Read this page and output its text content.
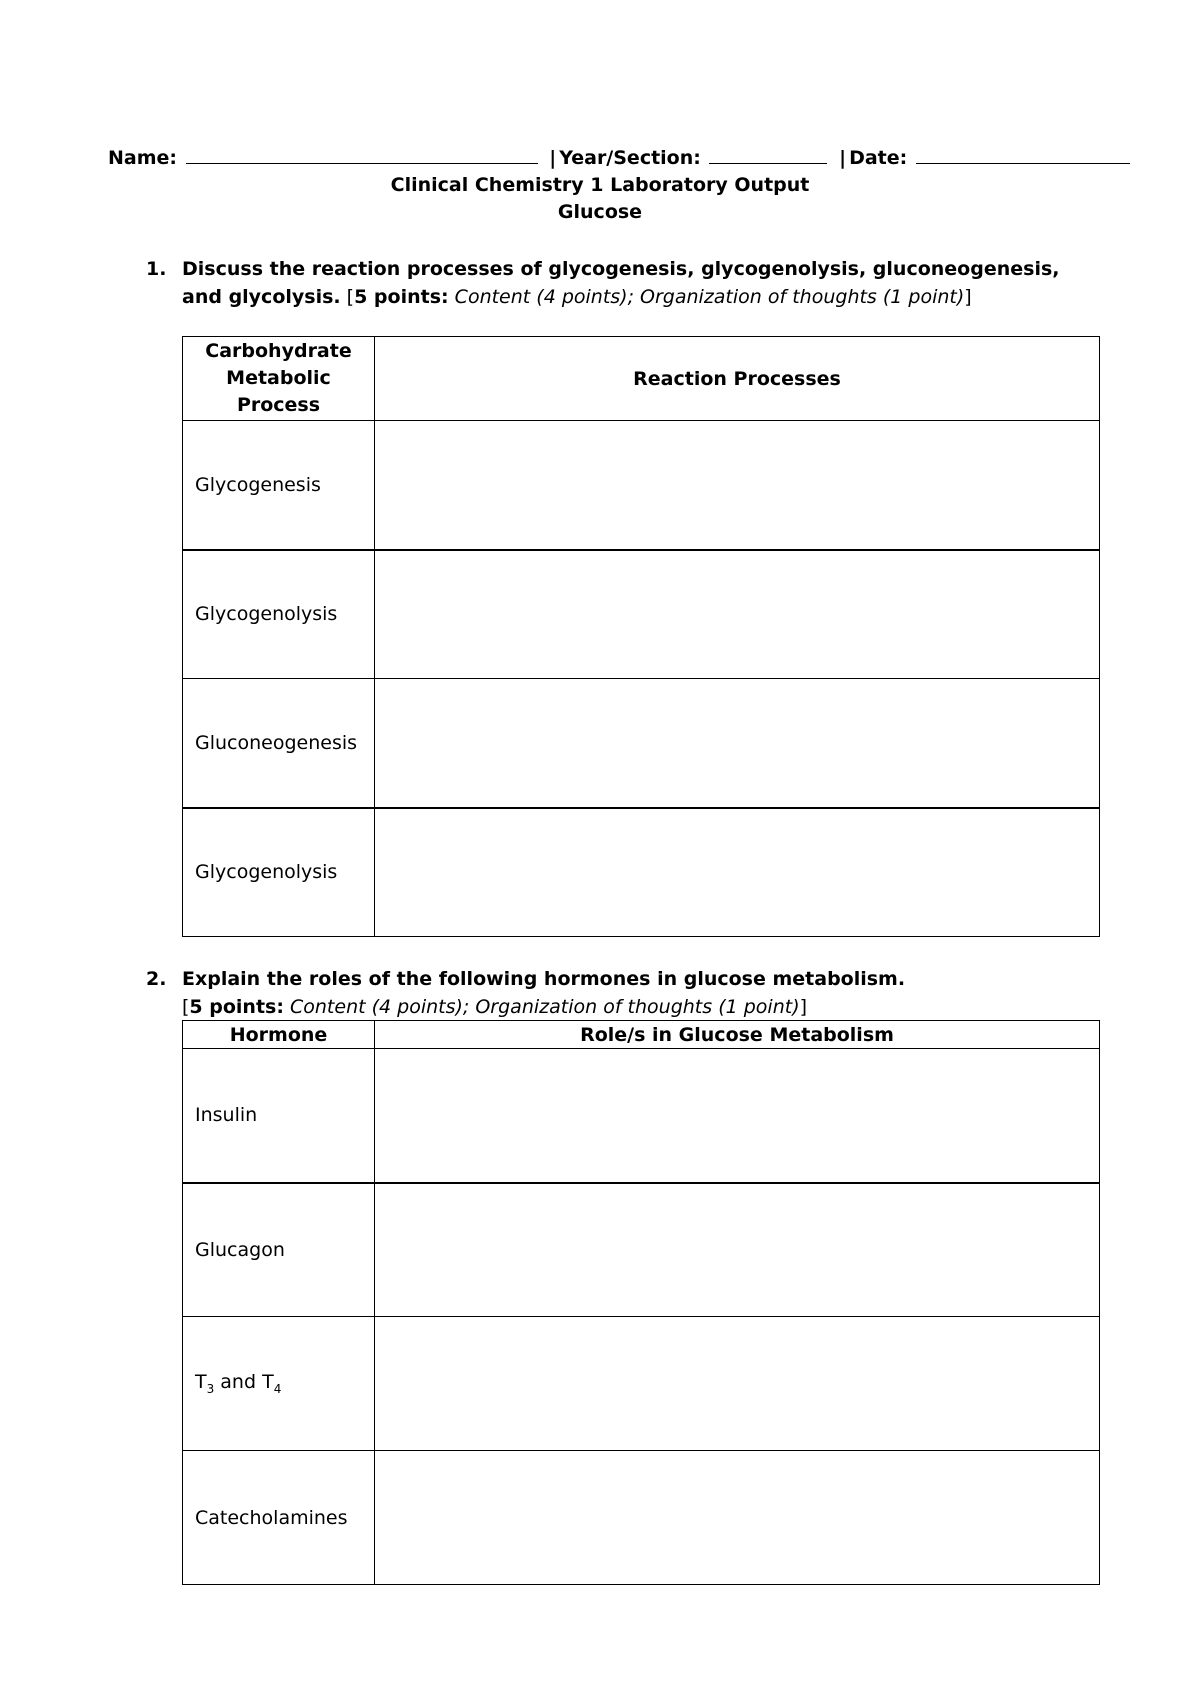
Name:	| Year/Section:	| Date:
Clinical Chemistry 1 Laboratory Output
Glucose
1. Discuss the reaction processes of glycogenesis, glycogenolysis, gluconeogenesis, and glycolysis. [5 points: Content (4 points); Organization of thoughts (1 point)]
Carbohydrate Metabolic Process	Reaction Processes
Glycogenesis	
Glycogenolysis	
Gluconeogenesis	
Glycogenolysis	
2. Explain the roles of the following hormones in glucose metabolism.
[5 points: Content (4 points); Organization of thoughts (1 point)]
Hormone	Role/s in Glucose Metabolism
Insulin	
Glucagon	
$T_3$ and $T_4$	
Catecholamines	
